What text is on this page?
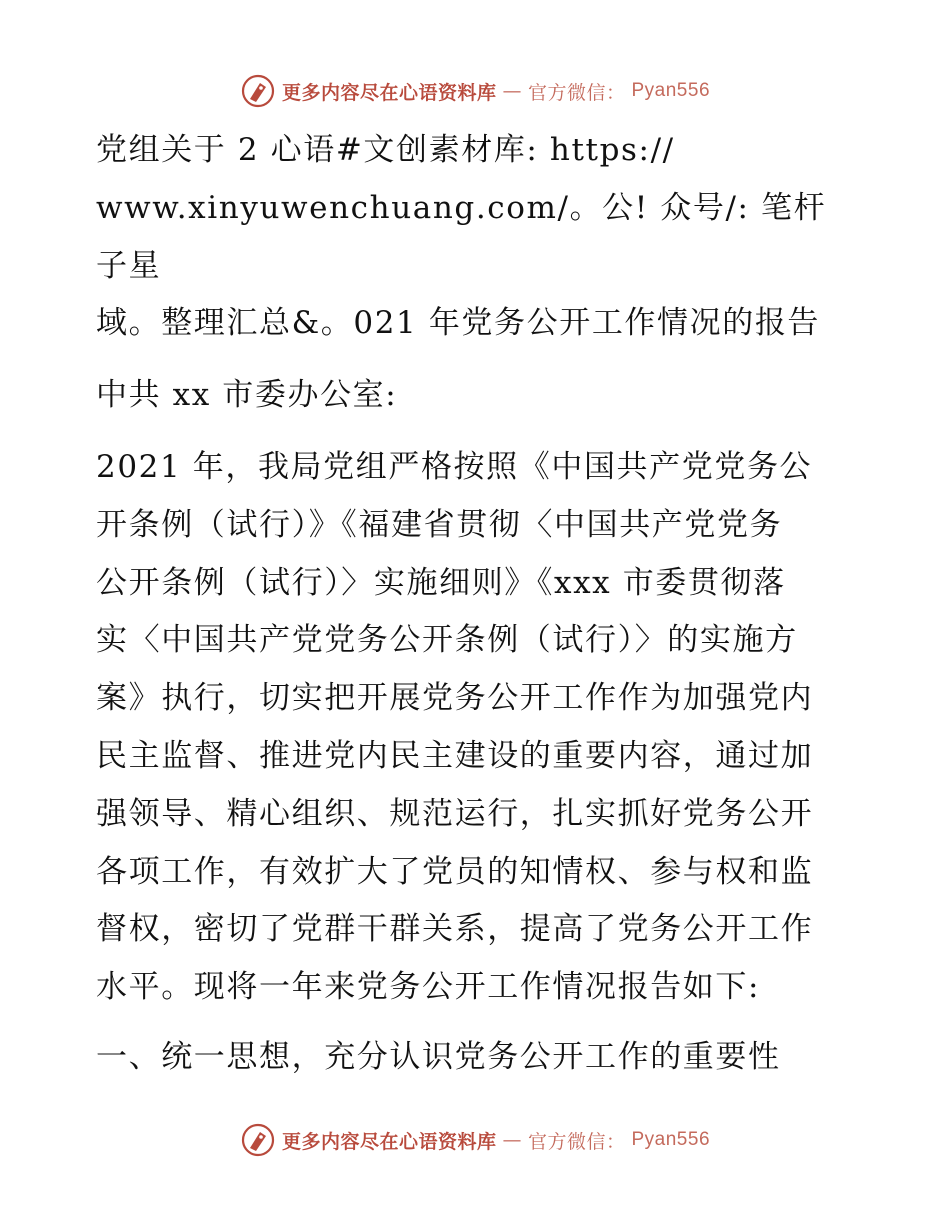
更多内容尽在心语资料库 — 官方微信： Pyan556

党组关于 2 心语#文创素材库: https://
www.xinyuwenchuang.com/。公! 众号/: 笔杆子星
域。整理汇总&。021 年党务公开工作情况的报告

中共 xx 市委办公室:

2021 年，我局党组严格按照《中国共产党党务公
开条例（试行）》《福建省贯彻〈中国共产党党务
公开条例（试行）〉实施细则》《xxx 市委贯彻落
实〈中国共产党党务公开条例（试行）〉的实施方
案》执行，切实把开展党务公开工作作为加强党内
民主监督、推进党内民主建设的重要内容，通过加
强领导、精心组织、规范运行，扎实抓好党务公开
各项工作，有效扩大了党员的知情权、参与权和监
督权，密切了党群干群关系，提高了党务公开工作
水平。现将一年来党务公开工作情况报告如下:

一、统一思想，充分认识党务公开工作的重要性

更多内容尽在心语资料库 — 官方微信： Pyan556
